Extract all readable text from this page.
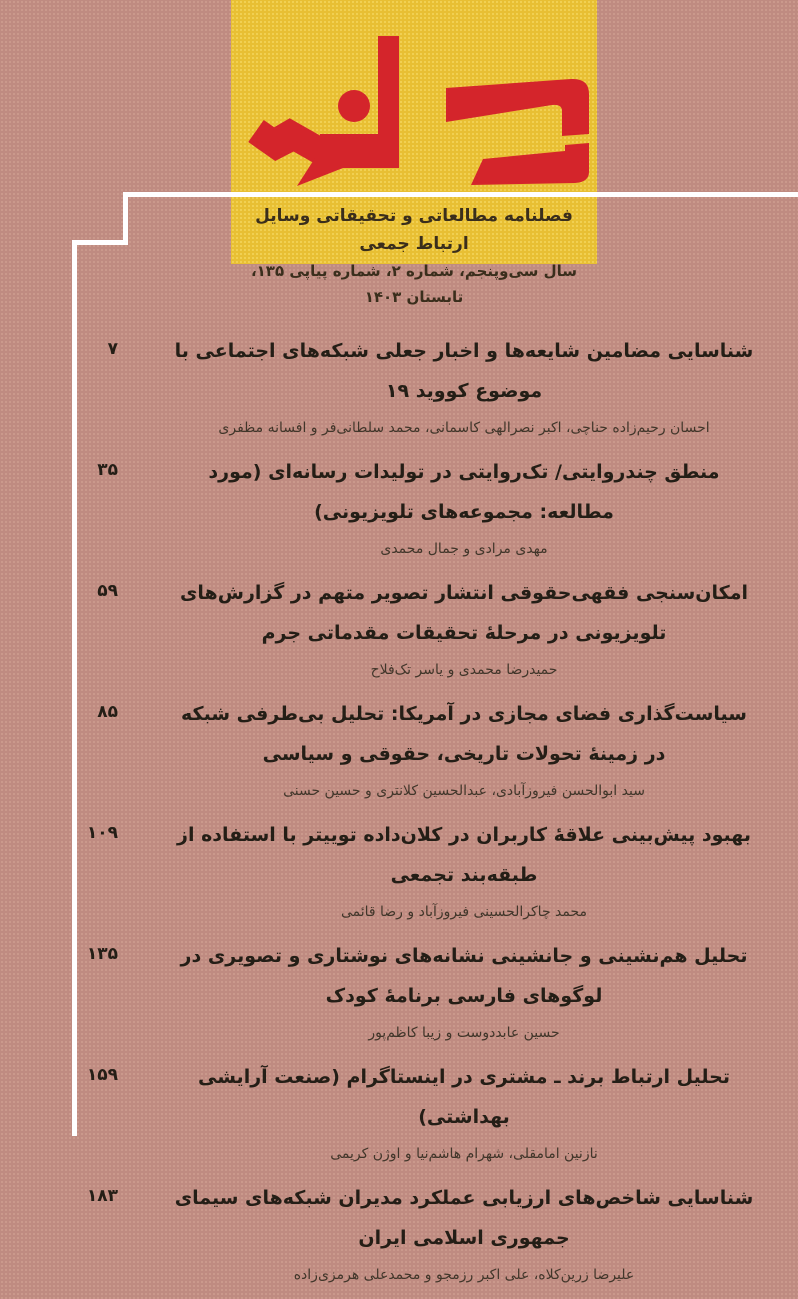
فصلنامه مطالعاتی و تحقیقاتی وسایل ارتباط جمعی
سال سی‌وپنجم، شماره ۲، شماره پیاپی ۱۳۵، تابستان ۱۴۰۳
۷	شناسایی مضامین شایعه‌ها و اخبار جعلی شبکه‌های اجتماعی با موضوع کووید ۱۹
احسان رحیم‌زاده حناچی، اکبر نصرالهی کاسمانی، محمد سلطانی‌فر و افسانه مظفری
۳۵	منطق چندروایتی/ تک‌روایتی در تولیدات رسانه‌ای (مورد مطالعه: مجموعه‌های تلویزیونی)
مهدی مرادی و جمال محمدی
۵۹	امکان‌سنجی فقهی‌حقوقی انتشار تصویر متهم در گزارش‌های تلویزیونی در مرحلۀ تحقیقات مقدماتی جرم
حمیدرضا محمدی و یاسر تک‌فلاح
۸۵	سیاست‌گذاری فضای مجازی در آمریکا: تحلیل بی‌طرفی شبکه در زمینۀ تحولات تاریخی، حقوقی و سیاسی
سید ابوالحسن فیروزآبادی، عبدالحسین کلانتری و حسین حسنی
۱۰۹	بهبود پیش‌بینی علاقۀ کاربران در کلان‌داده توییتر با استفاده از طبقه‌بند تجمعی
محمد چاکرالحسینی فیروزآباد و رضا قائمی
۱۳۵	تحلیل هم‌نشینی و جانشینی نشانه‌های نوشتاری و تصویری در لوگوهای فارسی برنامۀ کودک
حسین عابددوست و زیبا کاظم‌پور
۱۵۹	تحلیل ارتباط برند ـ مشتری در اینستاگرام (صنعت آرایشی بهداشتی)
نازنین امامقلی، شهرام هاشم‌نیا و اوژن کریمی
۱۸۳	شناسایی شاخص‌های ارزیابی عملکرد مدیران شبکه‌های سیمای جمهوری اسلامی ایران
علیرضا زرین‌کلاه، علی اکبر رزمجو و محمدعلی هرمزی‌زاده
